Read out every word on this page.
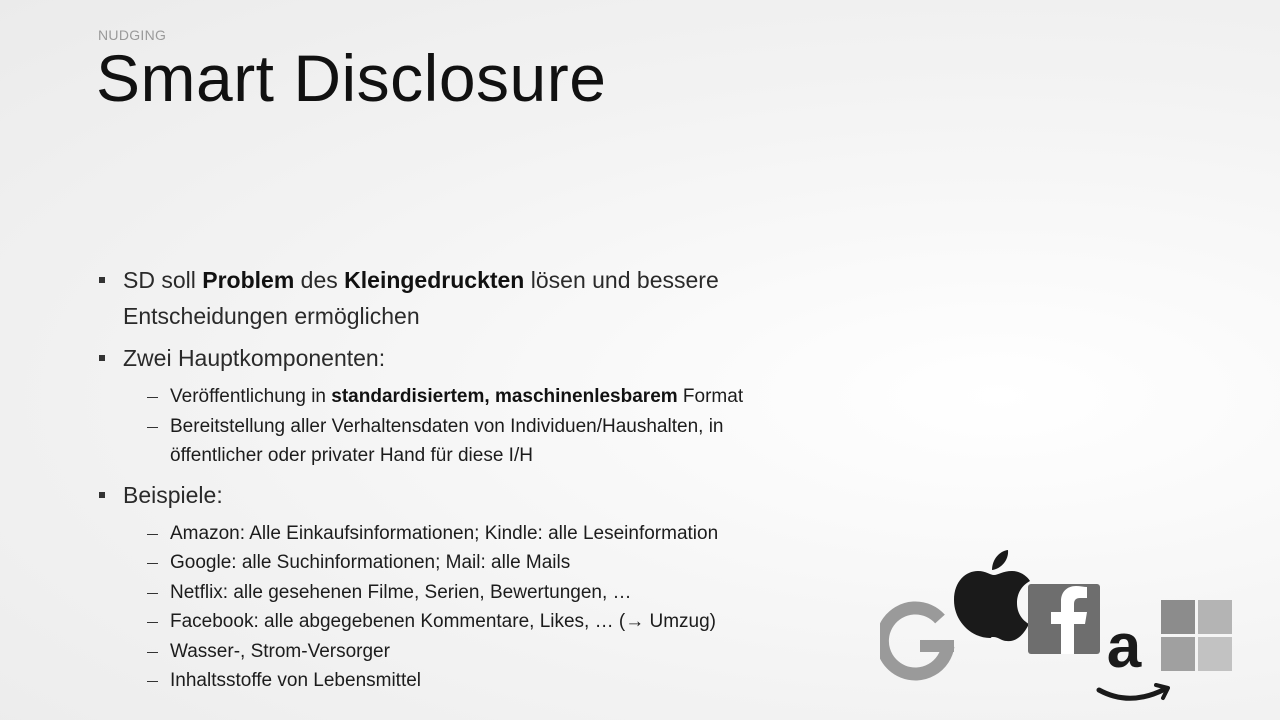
NUDGING
Smart Disclosure
SD soll Problem des Kleingedruckten lösen und bessere Entscheidungen ermöglichen
Zwei Hauptkomponenten:
Veröffentlichung in standardisiertem, maschinenlesbarem Format
Bereitstellung aller Verhaltensdaten von Individuen/Haushalten, in öffentlicher oder privater Hand für diese I/H
Beispiele:
Amazon: Alle Einkaufsinformationen; Kindle: alle Leseinformation
Google: alle Suchinformationen; Mail: alle Mails
Netflix: alle gesehenen Filme, Serien, Bewertungen, …
Facebook: alle abgegebenen Kommentare, Likes, … (→ Umzug)
Wasser-, Strom-Versorger
Inhaltsstoffe von Lebensmittel	a
